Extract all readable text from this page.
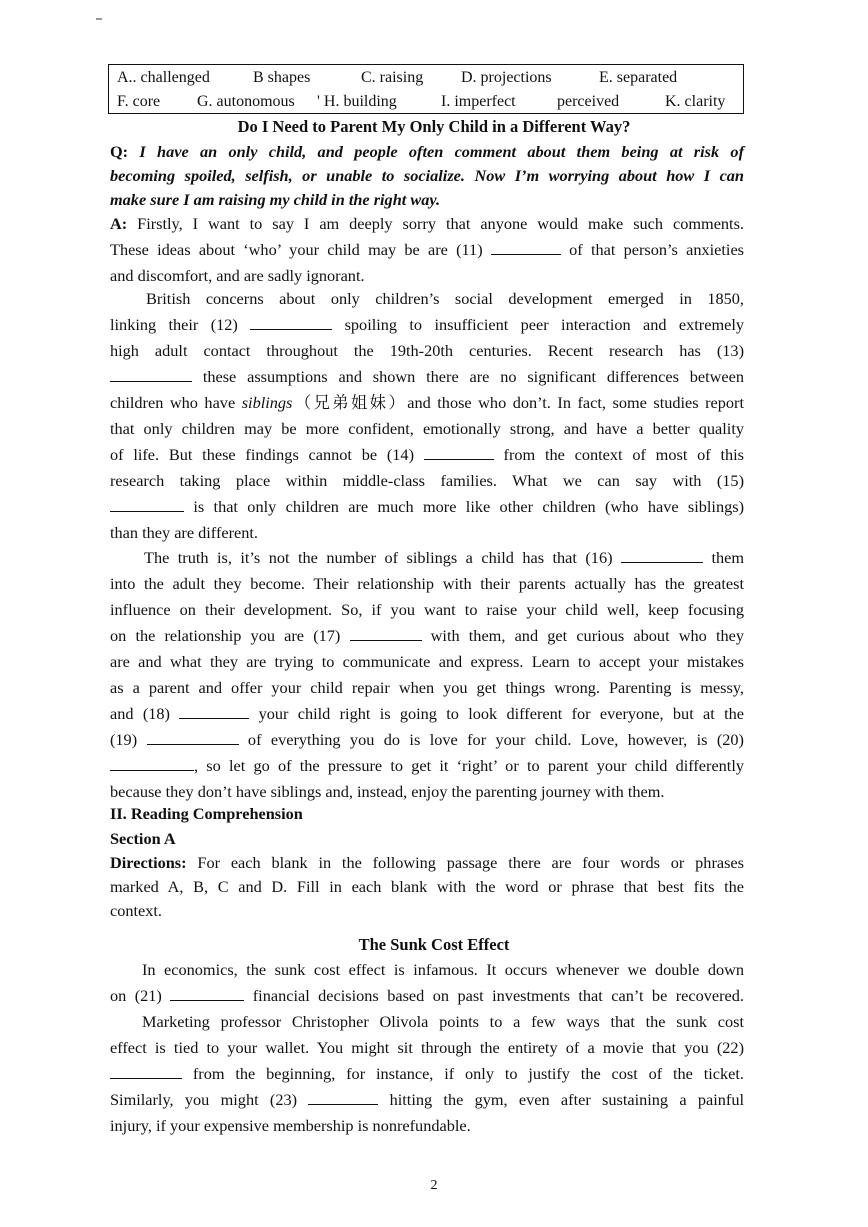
A.. challenged	B shapes	C. raising D. projections	E. separated
F. core G. autonomous ' H. building	I. imperfect	perceived	K. clarity
Do I Need to Parent My Only Child in a Different Way?
Q: I have an only child, and people often comment about them being at risk of
becoming spoiled, selfish, or unable to socialize. Now I’m worrying about how I can
make sure I am raising my child in the right way.
A: Firstly, I want to say I am deeply sorry that anyone would make such comments.
These ideas about ‘who’ your child may be are (11)	of that person’s anxieties
and discomfort, and are sadly ignorant.
British concerns about only children’s social development emerged in 1850,
linking their (12)	spoiling to insufficient peer interaction and extremely
high adult contact throughout the 19th-20th centuries. Recent research has (13)
these assumptions and shown there are no significant differences between
children who have siblings（兄弟姐妹）and those who don’t. In fact, some studies report
that only children may be more confident, emotionally strong, and have a better quality
of life. But these findings cannot be (14)	from the context of most of this
research taking place within middle-class families. What we can say with (15)
is that only children are much more like other children (who have siblings)
than they are different.
The truth is, it’s not the number of siblings a child has that (16)	them
into the adult they become. Their relationship with their parents actually has the greatest
influence on their development. So, if you want to raise your child well, keep focusing
on the relationship you are (17)	with them, and get curious about who they
are and what they are trying to communicate and express. Learn to accept your mistakes
as a parent and offer your child repair when you get things wrong. Parenting is messy,
and (18)	your child right is going to look different for everyone, but at the
(19)	of everything you do is love for your child. Love, however, is (20)
, so let go of the pressure to get it ‘right’ or to parent your child differently
because they don’t have siblings and, instead, enjoy the parenting journey with them.
II. Reading Comprehension
Section A
Directions: For each blank in the following passage there are four words or phrases
marked A, B, C and D. Fill in each blank with the word or phrase that best fits the
context.
The Sunk Cost Effect
In economics, the sunk cost effect is infamous. It occurs whenever we double down
on (21)	financial decisions based on past investments that can’t be recovered.
Marketing professor Christopher Olivola points to a few ways that the sunk cost
effect is tied to your wallet. You might sit through the entirety of a movie that you (22)
from the beginning, for instance, if only to justify the cost of the ticket.
Similarly, you might (23)	hitting the gym, even after sustaining a painful
injury, if your expensive membership is nonrefundable.
2
